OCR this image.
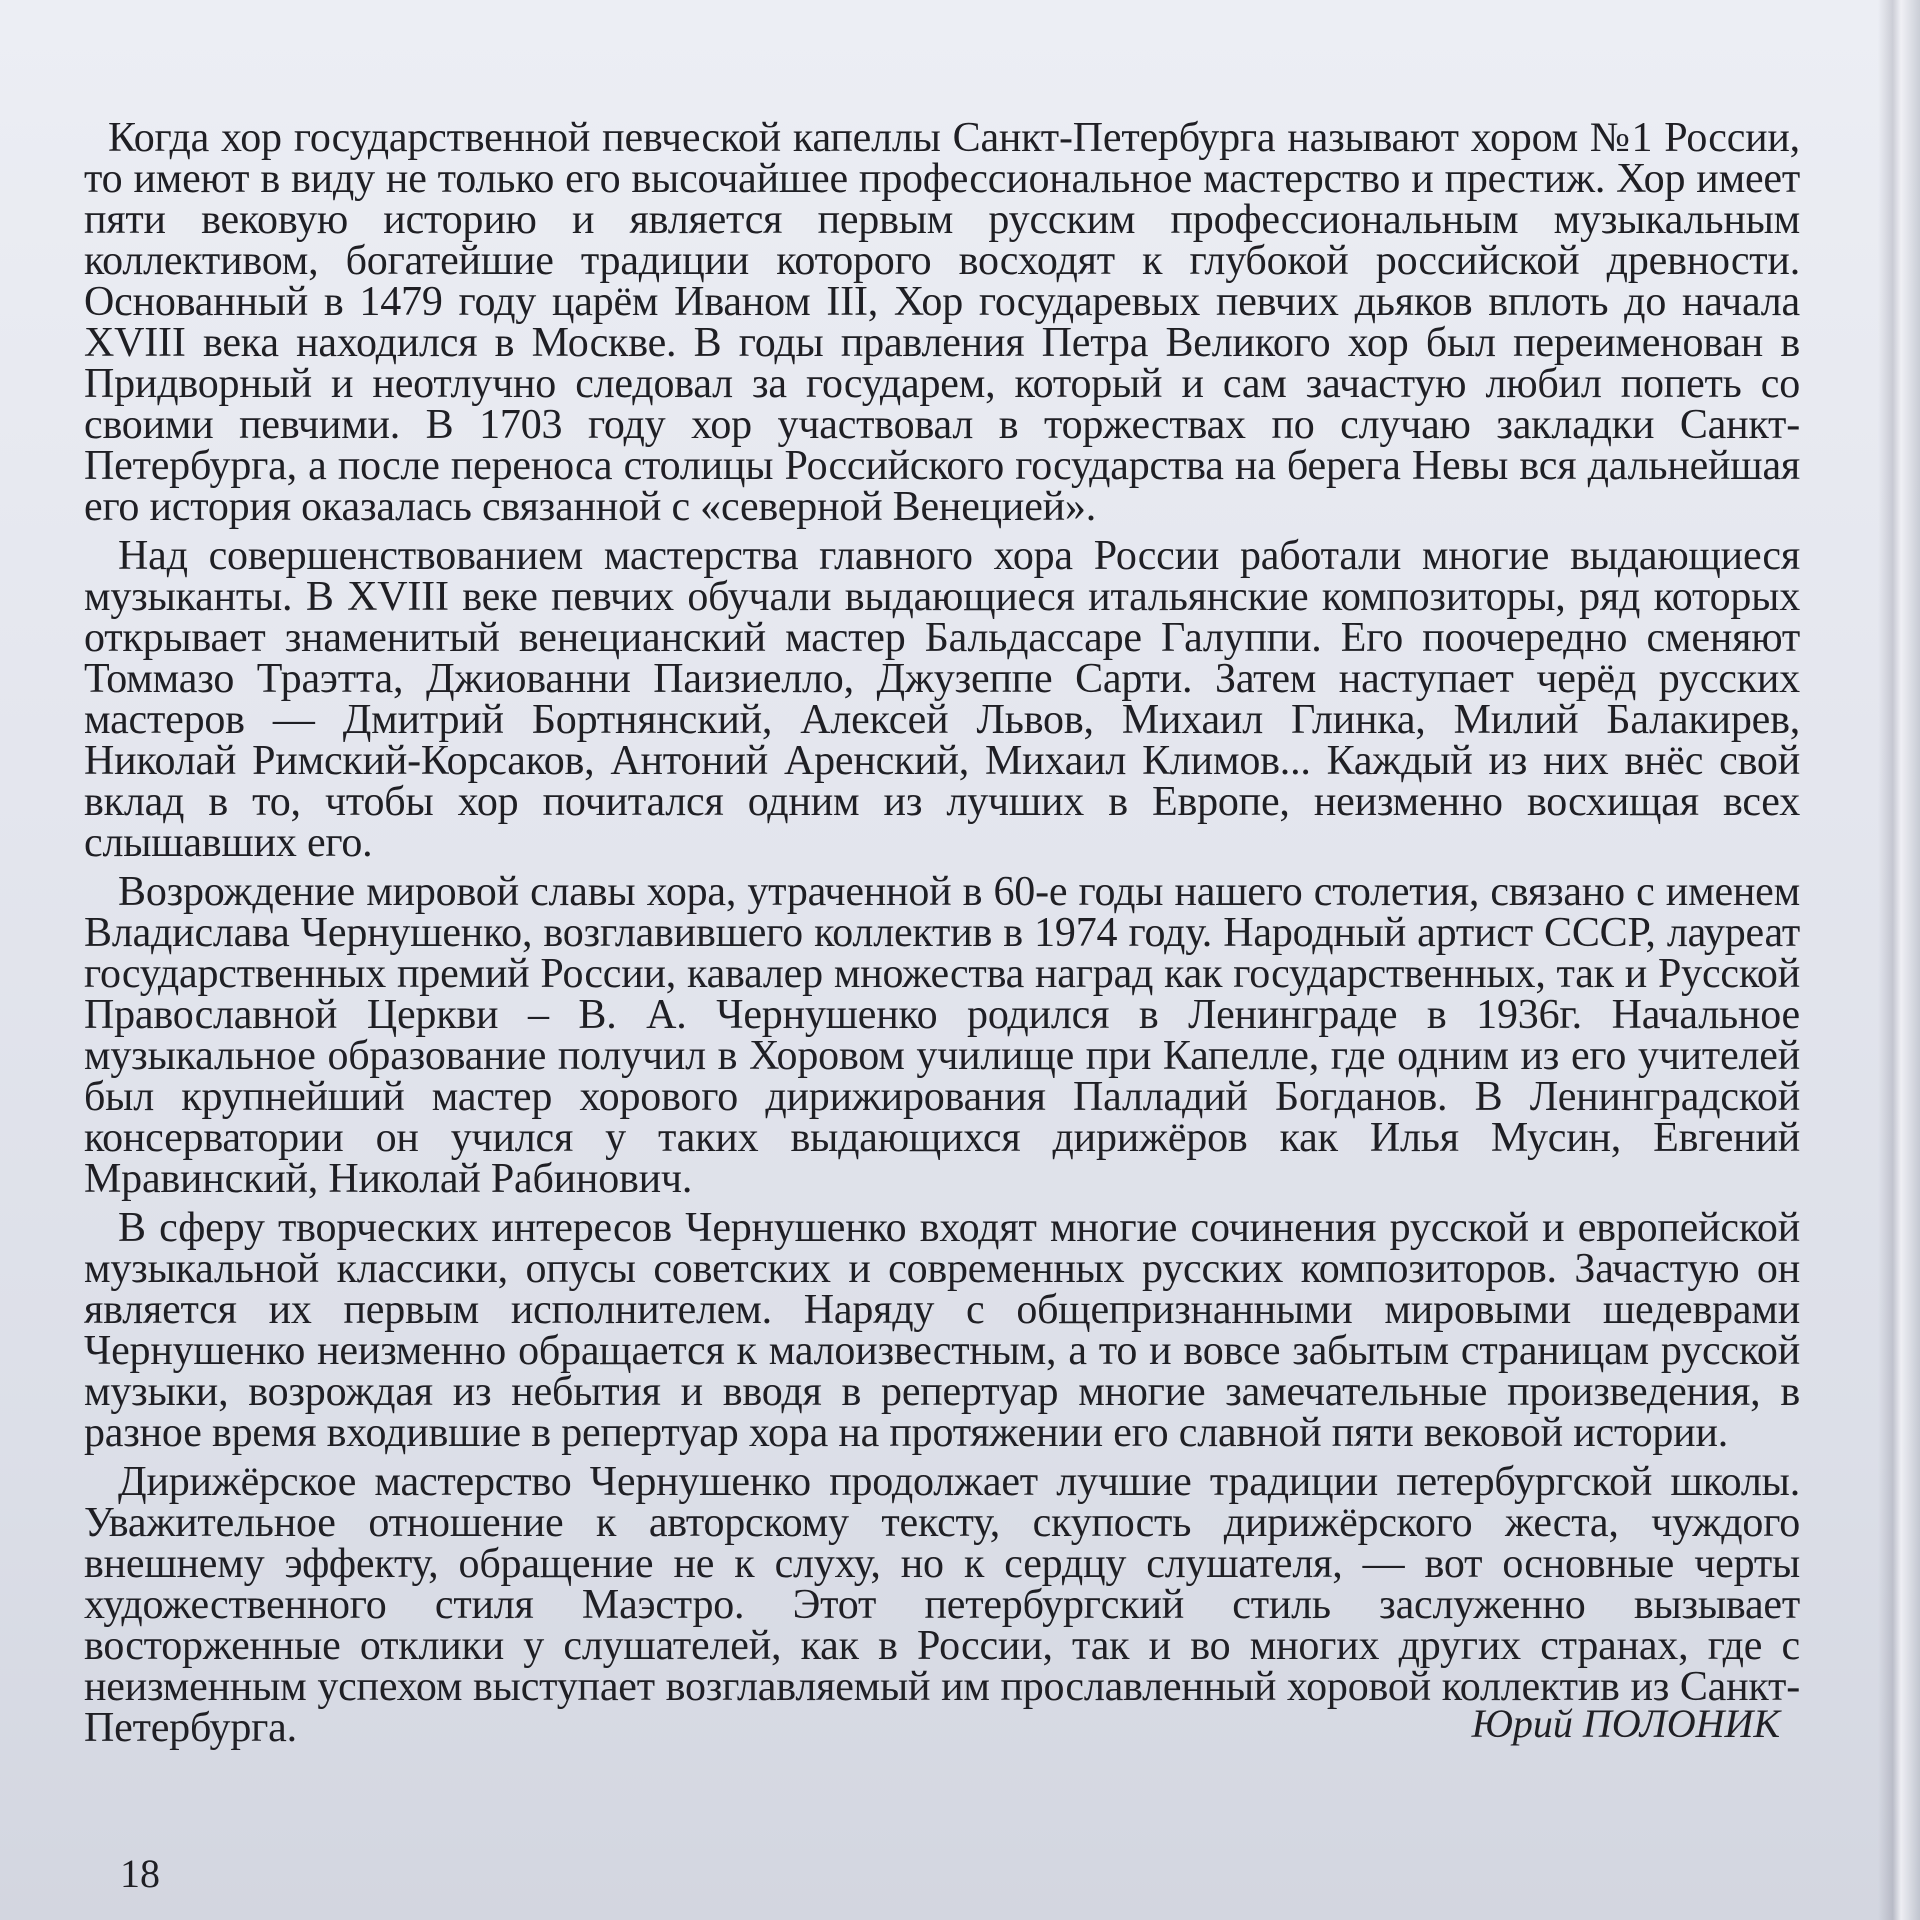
Когда хор государственной певческой капеллы Санкт-Петербурга называют хором №1 России, то имеют в виду не только его высочайшее профессиональное мастерство и престиж. Хор имеет пяти вековую историю и является первым русским профессиональным музыкальным коллективом, богатейшие традиции которого восходят к глубокой российской древности. Основанный в 1479 году царём Иваном III, Хор государевых певчих дьяков вплоть до начала XVIII века находился в Москве. В годы правления Петра Великого хор был переименован в Придворный и неотлучно следовал за государем, который и сам зачастую любил попеть со своими певчими. В 1703 году хор участвовал в торжествах по случаю закладки Санкт-Петербурга, а после переноса столицы Российского государства на берега Невы вся дальнейшая его история оказалась связанной с «северной Венецией».

Над совершенствованием мастерства главного хора России работали многие выдающиеся музыканты. В XVIII веке певчих обучали выдающиеся итальянские композиторы, ряд которых открывает знаменитый венецианский мастер Бальдассаре Галуппи. Его поочередно сменяют Томмазо Траэтта, Джиованни Паизиелло, Джузеппе Сарти. Затем наступает черёд русских мастеров — Дмитрий Бортнянский, Алексей Львов, Михаил Глинка, Милий Балакирев, Николай Римский-Корсаков, Антоний Аренский, Михаил Климов... Каждый из них внёс свой вклад в то, чтобы хор почитался одним из лучших в Европе, неизменно восхищая всех слышавших его.

Возрождение мировой славы хора, утраченной в 60-е годы нашего столетия, связано с именем Владислава Чернушенко, возглавившего коллектив в 1974 году. Народный артист СССР, лауреат государственных премий России, кавалер множества наград как государственных, так и Русской Православной Церкви – В. А. Чернушенко родился в Ленинграде в 1936г. Начальное музыкальное образование получил в Хоровом училище при Капелле, где одним из его учителей был крупнейший мастер хорового дирижирования Палладий Богданов. В Ленинградской консерватории он учился у таких выдающихся дирижёров как Илья Мусин, Евгений Мравинский, Николай Рабинович.

В сферу творческих интересов Чернушенко входят многие сочинения русской и европейской музыкальной классики, опусы советских и современных русских композиторов. Зачастую он является их первым исполнителем. Наряду с общепризнанными мировыми шедеврами Чернушенко неизменно обращается к малоизвестным, а то и вовсе забытым страницам русской музыки, возрождая из небытия и вводя в репертуар многие замечательные произведения, в разное время входившие в репертуар хора на протяжении его славной пяти вековой истории.

Дирижёрское мастерство Чернушенко продолжает лучшие традиции петербургской школы. Уважительное отношение к авторскому тексту, скупость дирижёрского жеста, чуждого внешнему эффекту, обращение не к слуху, но к сердцу слушателя, — вот основные черты художественного стиля Маэстро. Этот петербургский стиль заслуженно вызывает восторженные отклики у слушателей, как в России, так и во многих других странах, где с неизменным успехом выступает возглавляемый им прославленный хоровой коллектив из Санкт-Петербурга.	Юрий ПОЛОНИК
18
